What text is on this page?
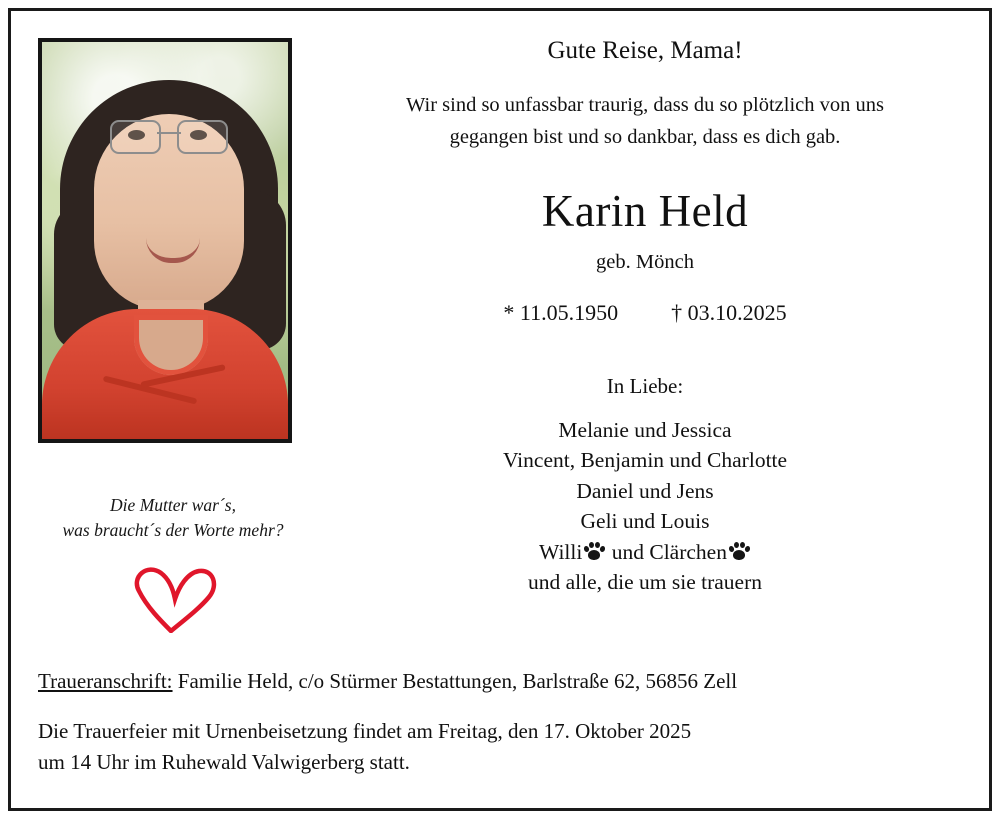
Die Mutter war´s,
was braucht´s der Worte mehr?
Gute Reise, Mama!
Wir sind so unfassbar traurig, dass du so plötzlich von uns
gegangen bist und so dankbar, dass es dich gab.
Karin Held
geb. Mönch
* 11.05.1950 † 03.10.2025
In Liebe:
Melanie und Jessica
Vincent, Benjamin und Charlotte
Daniel und Jens
Geli und Louis
Willi und Clärchen
und alle, die um sie trauern
Traueranschrift: Familie Held, c/o Stürmer Bestattungen, Barlstraße 62, 56856 Zell
Die Trauerfeier mit Urnenbeisetzung findet am Freitag, den 17. Oktober 2025
um 14 Uhr im Ruhewald Valwigerberg statt.
